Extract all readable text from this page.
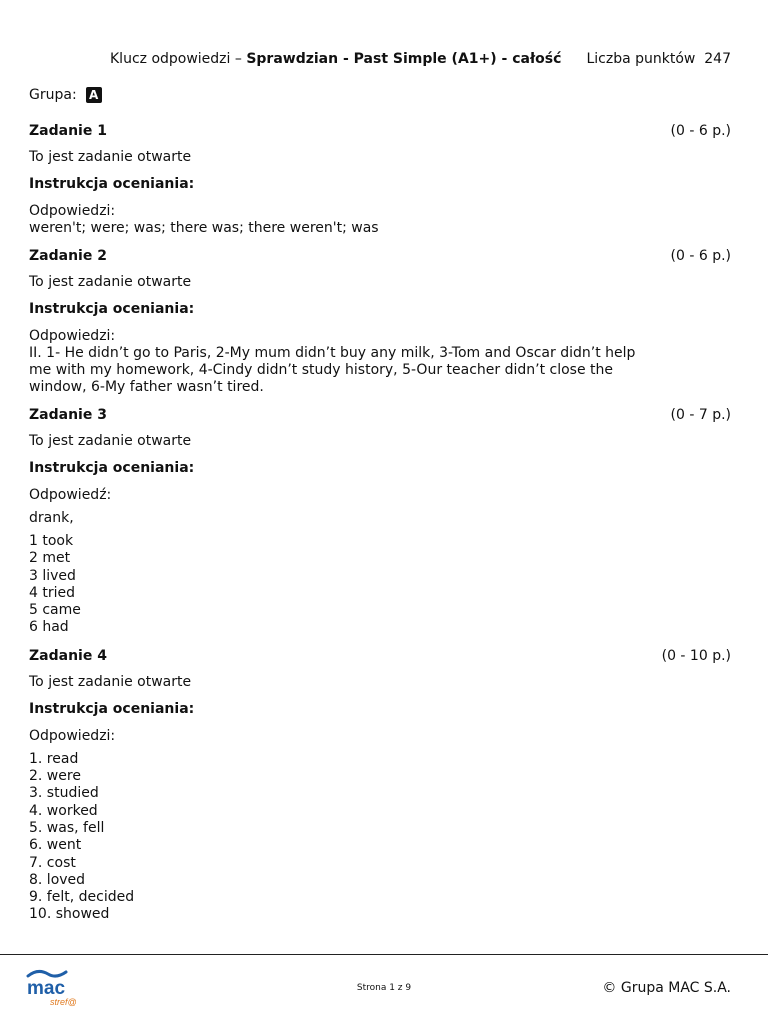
Klucz odpowiedzi – Sprawdzian - Past Simple (A1+) - całość Liczba punktów 247
Grupa: A
Zadanie 1	(0 - 6 p.)
To jest zadanie otwarte
Instrukcja oceniania:
Odpowiedzi:
weren't; were; was; there was; there weren't; was
Zadanie 2	(0 - 6 p.)
To jest zadanie otwarte
Instrukcja oceniania:
Odpowiedzi:
II. 1- He didn’t go to Paris, 2-My mum didn’t buy any milk, 3-Tom and Oscar didn’t help me with my homework, 4-Cindy didn’t study history, 5-Our teacher didn’t close the window, 6-My father wasn’t tired.
Zadanie 3	(0 - 7 p.)
To jest zadanie otwarte
Instrukcja oceniania:
Odpowiedź:
drank,
1 took
2 met
3 lived
4 tried
5 came
6 had
Zadanie 4	(0 - 10 p.)
To jest zadanie otwarte
Instrukcja oceniania:
Odpowiedzi:
1. read
2. were
3. studied
4. worked
5. was, fell
6. went
7. cost
8. loved
9. felt, decided
10. showed
mac
stref@
Strona 1 z 9	© Grupa MAC S.A.
